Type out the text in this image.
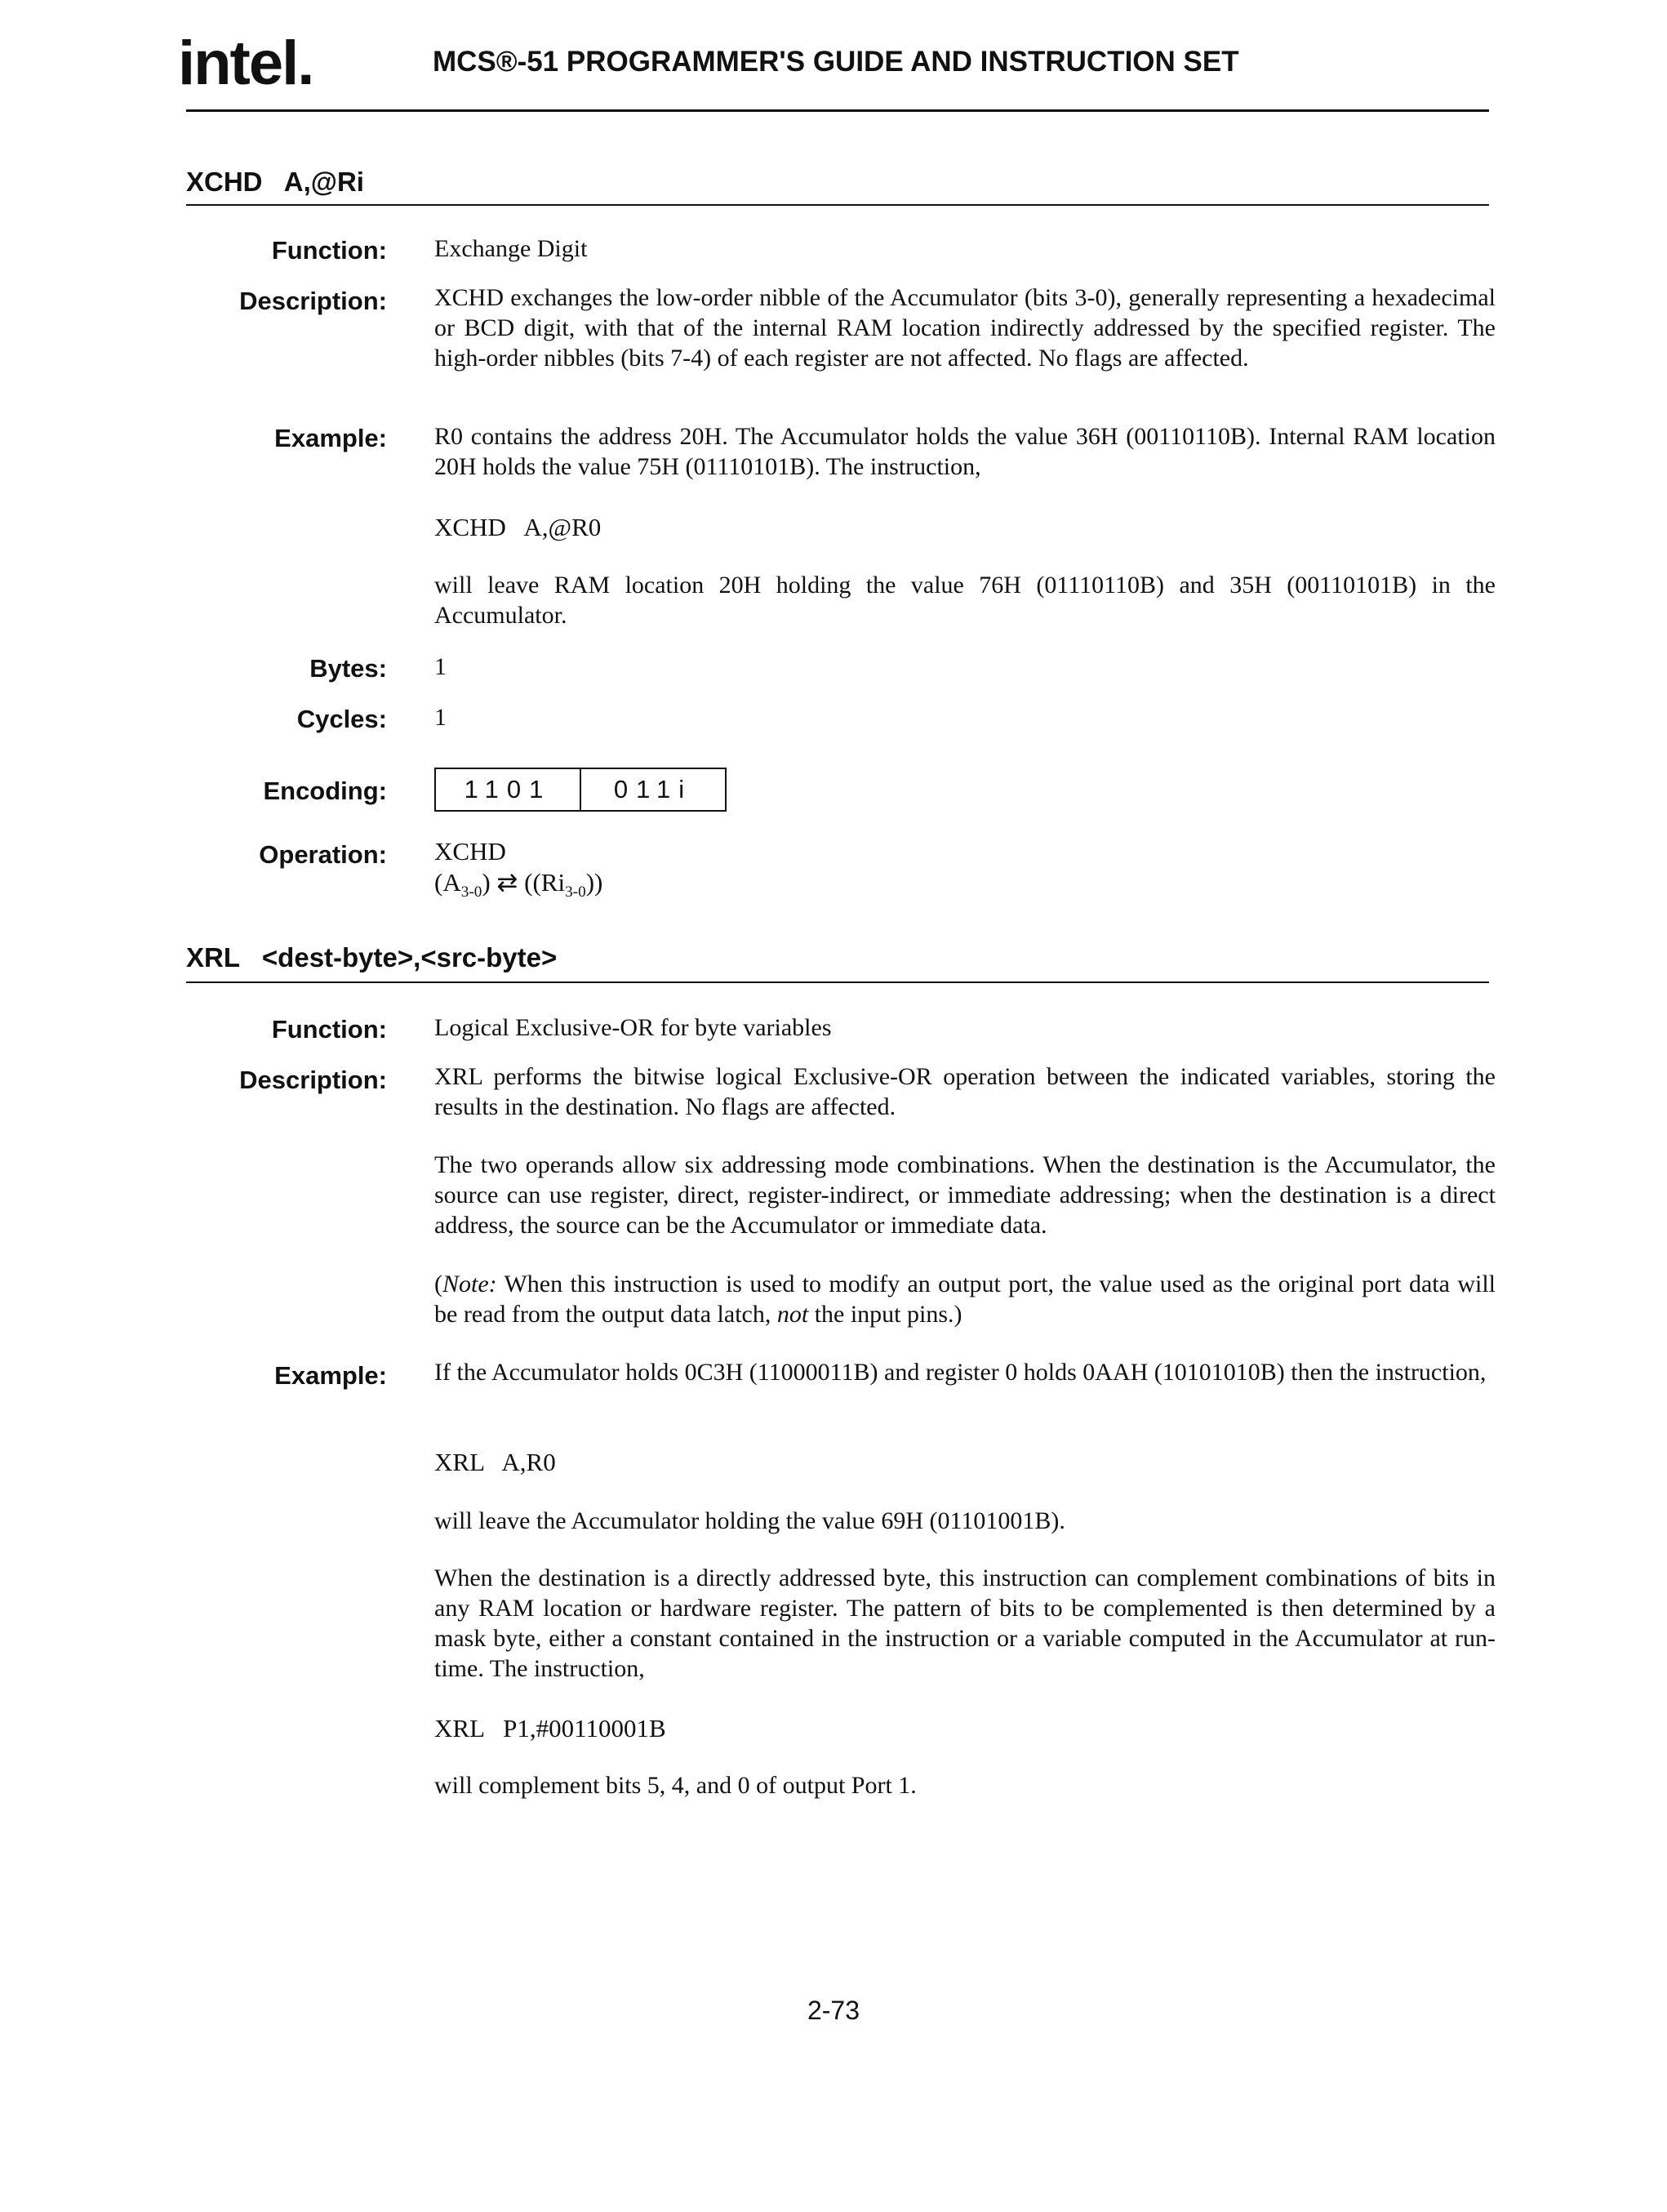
intel.	MCS®-51 PROGRAMMER'S GUIDE AND INSTRUCTION SET
XCHD   A,@Ri
Function: Exchange Digit
Description: XCHD exchanges the low-order nibble of the Accumulator (bits 3-0), generally representing a hexadecimal or BCD digit, with that of the internal RAM location indirectly addressed by the specified register. The high-order nibbles (bits 7-4) of each register are not affected. No flags are affected.
Example: R0 contains the address 20H. The Accumulator holds the value 36H (00110110B). Internal RAM location 20H holds the value 75H (01110101B). The instruction,
XCHD   A,@R0
will leave RAM location 20H holding the value 76H (01110110B) and 35H (00110101B) in the Accumulator.
Bytes: 1
Cycles: 1
Encoding:	1101	011i
Operation: XCHD
$(A_{3-0})$ ⇄ $((Ri_{3-0}))$
XRL   <dest-byte>,<src-byte>
Function: Logical Exclusive-OR for byte variables
Description: XRL performs the bitwise logical Exclusive-OR operation between the indicated variables, storing the results in the destination. No flags are affected.
The two operands allow six addressing mode combinations. When the destination is the Accumulator, the source can use register, direct, register-indirect, or immediate addressing; when the destination is a direct address, the source can be the Accumulator or immediate data.
(Note: When this instruction is used to modify an output port, the value used as the original port data will be read from the output data latch, not the input pins.)
Example: If the Accumulator holds 0C3H (11000011B) and register 0 holds 0AAH (10101010B) then the instruction,
XRL   A,R0
will leave the Accumulator holding the value 69H (01101001B).
When the destination is a directly addressed byte, this instruction can complement combinations of bits in any RAM location or hardware register. The pattern of bits to be complemented is then determined by a mask byte, either a constant contained in the instruction or a variable computed in the Accumulator at run-time. The instruction,
XRL   P1,#00110001B
will complement bits 5, 4, and 0 of output Port 1.
2-73
